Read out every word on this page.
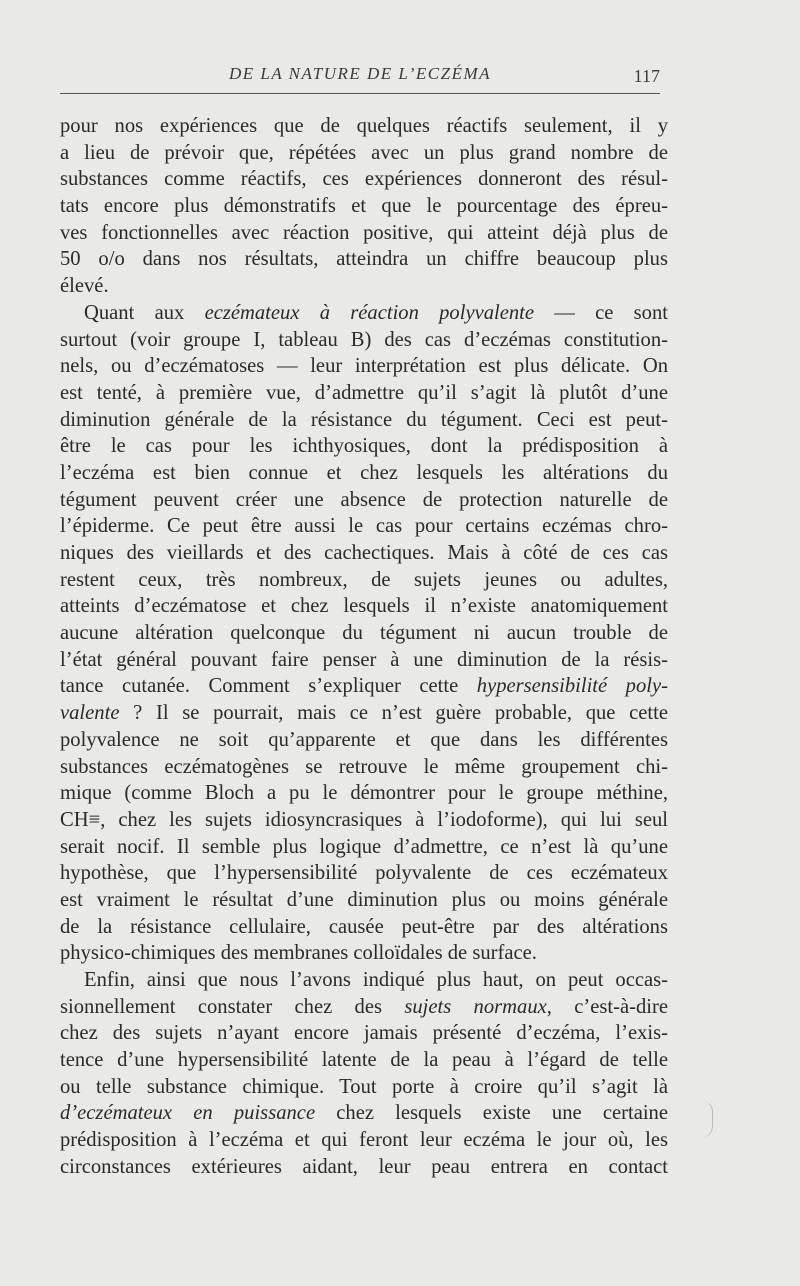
DE LA NATURE DE L’ECZÉMA	117
pour nos expériences que de quelques réactifs seulement, il y
a lieu de prévoir que, répétées avec un plus grand nombre de
substances comme réactifs, ces expériences donneront des résul-
tats encore plus démonstratifs et que le pourcentage des épreu-
ves fonctionnelles avec réaction positive, qui atteint déjà plus de
50 o/o dans nos résultats, atteindra un chiffre beaucoup plus
élevé.
Quant aux eczémateux à réaction polyvalente — ce sont
surtout (voir groupe I, tableau B) des cas d’eczémas constitution-
nels, ou d’eczématoses — leur interprétation est plus délicate. On
est tenté, à première vue, d’admettre qu’il s’agit là plutôt d’une
diminution générale de la résistance du tégument. Ceci est peut-
être le cas pour les ichthyosiques, dont la prédisposition à
l’eczéma est bien connue et chez lesquels les altérations du
tégument peuvent créer une absence de protection naturelle de
l’épiderme. Ce peut être aussi le cas pour certains eczémas chro-
niques des vieillards et des cachectiques. Mais à côté de ces cas
restent ceux, très nombreux, de sujets jeunes ou adultes,
atteints d’eczématose et chez lesquels il n’existe anatomiquement
aucune altération quelconque du tégument ni aucun trouble de
l’état général pouvant faire penser à une diminution de la résis-
tance cutanée. Comment s’expliquer cette hypersensibilité poly-
valente ? Il se pourrait, mais ce n’est guère probable, que cette
polyvalence ne soit qu’apparente et que dans les différentes
substances eczématogènes se retrouve le même groupement chi-
mique (comme Bloch a pu le démontrer pour le groupe méthine,
CH≡, chez les sujets idiosyncrasiques à l’iodoforme), qui lui seul
serait nocif. Il semble plus logique d’admettre, ce n’est là qu’une
hypothèse, que l’hypersensibilité polyvalente de ces eczémateux
est vraiment le résultat d’une diminution plus ou moins générale
de la résistance cellulaire, causée peut-être par des altérations
physico-chimiques des membranes colloïdales de surface.
Enfin, ainsi que nous l’avons indiqué plus haut, on peut occas-
sionnellement constater chez des sujets normaux, c’est-à-dire
chez des sujets n’ayant encore jamais présenté d’eczéma, l’exis-
tence d’une hypersensibilité latente de la peau à l’égard de telle
ou telle substance chimique. Tout porte à croire qu’il s’agit là
d’eczémateux en puissance chez lesquels existe une certaine
prédisposition à l’eczéma et qui feront leur eczéma le jour où, les
circonstances extérieures aidant, leur peau entrera en contact
